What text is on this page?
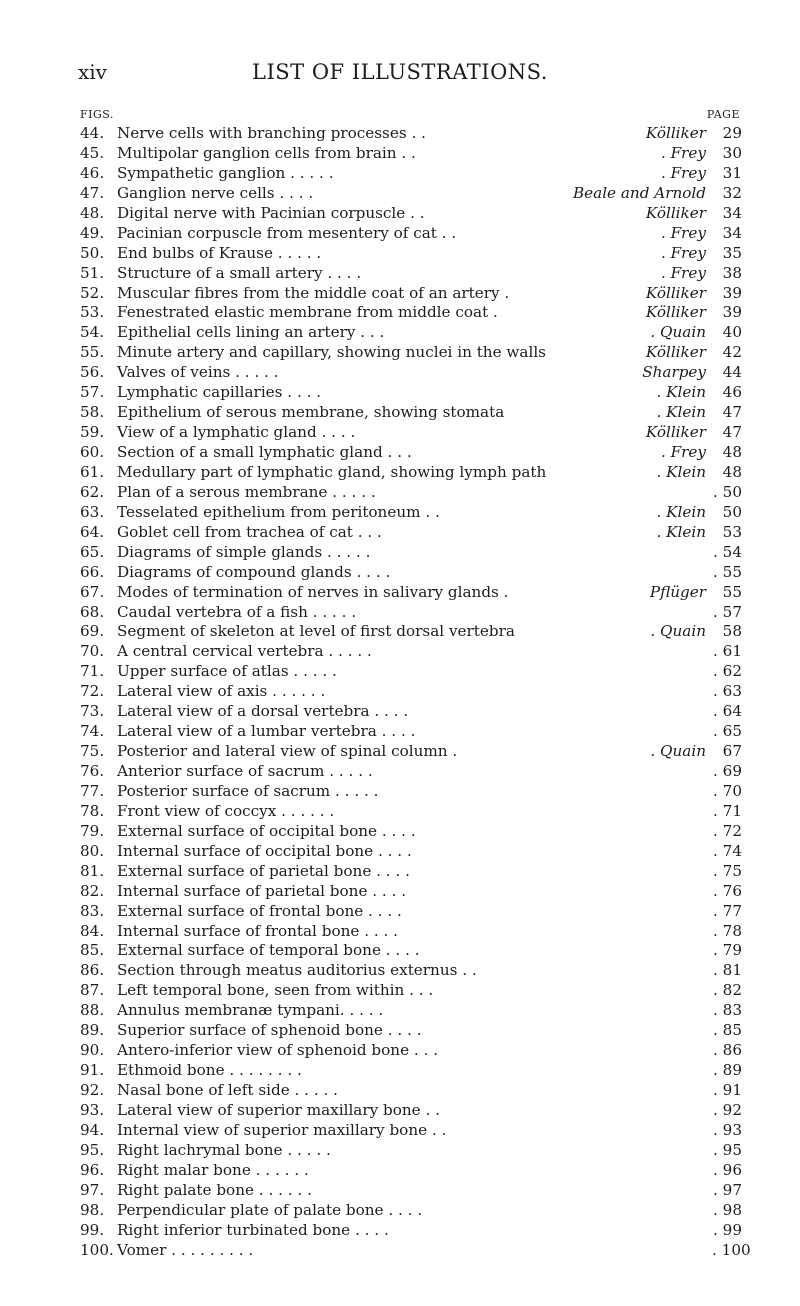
xiv	LIST OF ILLUSTRATIONS.
FIGS.	PAGE
44. Nerve cells with branching processes . .	Kölliker	29
45. Multipolar ganglion cells from brain . .	. Frey	30
46. Sympathetic ganglion . . . . .	. Frey	31
47. Ganglion nerve cells . . . .	Beale and Arnold	32
48. Digital nerve with Pacinian corpuscle . .	Kölliker	34
49. Pacinian corpuscle from mesentery of cat . .	. Frey	34
50. End bulbs of Krause . . . . .	. Frey	35
51. Structure of a small artery . . . .	. Frey	38
52. Muscular fibres from the middle coat of an artery .	Kölliker	39
53. Fenestrated elastic membrane from middle coat .	Kölliker	39
54. Epithelial cells lining an artery . . .	. Quain	40
55. Minute artery and capillary, showing nuclei in the walls	Kölliker	42
56. Valves of veins . . . . .	Sharpey	44
57. Lymphatic capillaries . . . .	. Klein	46
58. Epithelium of serous membrane, showing stomata	. Klein	47
59. View of a lymphatic gland . . . .	Kölliker	47
60. Section of a small lymphatic gland . . .	. Frey	48
61. Medullary part of lymphatic gland, showing lymph path	. Klein	48
62. Plan of a serous membrane . . . . .	. 50
63. Tesselated epithelium from peritoneum . .	. Klein	50
64. Goblet cell from trachea of cat . . .	. Klein	53
65. Diagrams of simple glands . . . . .	. 54
66. Diagrams of compound glands . . . .	. 55
67. Modes of termination of nerves in salivary glands .	Pflüger	55
68. Caudal vertebra of a fish . . . . .	. 57
69. Segment of skeleton at level of first dorsal vertebra	. Quain	58
70. A central cervical vertebra . . . . .	. 61
71. Upper surface of atlas . . . . .	. 62
72. Lateral view of axis . . . . . .	. 63
73. Lateral view of a dorsal vertebra . . . .	. 64
74. Lateral view of a lumbar vertebra . . . .	. 65
75. Posterior and lateral view of spinal column .	. Quain	67
76. Anterior surface of sacrum . . . . .	. 69
77. Posterior surface of sacrum . . . . .	. 70
78. Front view of coccyx . . . . . .	. 71
79. External surface of occipital bone . . . .	. 72
80. Internal surface of occipital bone . . . .	. 74
81. External surface of parietal bone . . . .	. 75
82. Internal surface of parietal bone . . . .	. 76
83. External surface of frontal bone . . . .	. 77
84. Internal surface of frontal bone . . . .	. 78
85. External surface of temporal bone . . . .	. 79
86. Section through meatus auditorius externus . .	. 81
87. Left temporal bone, seen from within . . .	. 82
88. Annulus membranæ tympani. . . . .	. 83
89. Superior surface of sphenoid bone . . . .	. 85
90. Antero-inferior view of sphenoid bone . . .	. 86
91. Ethmoid bone . . . . . . . .	. 89
92. Nasal bone of left side . . . . .	. 91
93. Lateral view of superior maxillary bone . .	. 92
94. Internal view of superior maxillary bone . .	. 93
95. Right lachrymal bone . . . . .	. 95
96. Right malar bone . . . . . .	. 96
97. Right palate bone . . . . . .	. 97
98. Perpendicular plate of palate bone . . . .	. 98
99. Right inferior turbinated bone . . . .	. 99
100. Vomer . . . . . . . . .	. 100
